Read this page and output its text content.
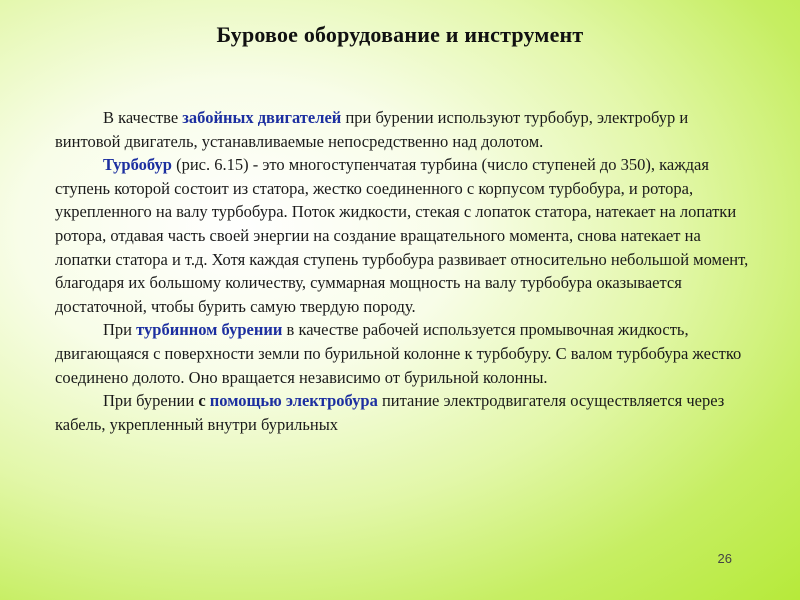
Буровое оборудование и инструмент

В качестве забойных двигателей при бурении используют турбобур, электробур и винтовой двигатель, устанавливаемые непосредственно над долотом.

Турбобур (рис. 6.15) - это многоступенчатая турбина (число ступеней до 350), каждая ступень которой состоит из статора, жестко соединенного с корпусом турбобура, и ротора, укрепленного на валу турбобура. Поток жидкости, стекая с лопаток статора, натекает на лопатки ротора, отдавая часть своей энергии на создание вращательного момента, снова натекает на лопатки статора и т.д. Хотя каждая ступень турбобура развивает относительно небольшой момент, благодаря их большому количеству, суммарная мощность на валу турбобура оказывается достаточной, чтобы бурить самую твердую породу.

При турбинном бурении в качестве рабочей используется промывочная жидкость, двигающаяся с поверхности земли по бурильной колонне к турбобуру. С валом турбобура жестко соединено долото. Оно вращается независимо от бурильной колонны.

При бурении с помощью электробура питание электродвигателя осуществляется через кабель, укрепленный внутри бурильных

26
